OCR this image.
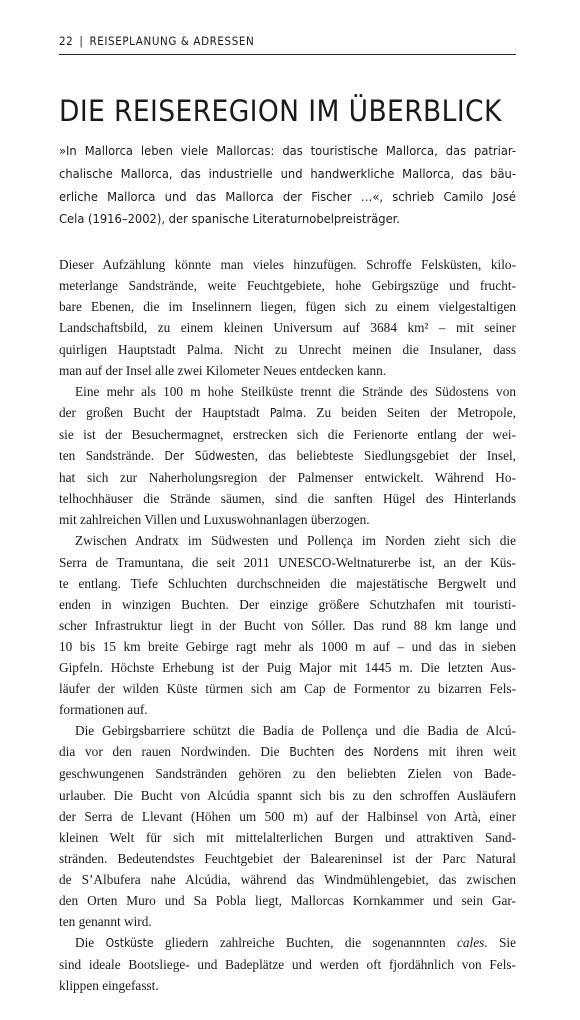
22 | REISEPLANUNG & ADRESSEN
DIE REISEREGION IM ÜBERBLICK
»In Mallorca leben viele Mallorcas: das touristische Mallorca, das patriar-
chalische Mallorca, das industrielle und handwerkliche Mallorca, das bäu-
erliche Mallorca und das Mallorca der Fischer …«, schrieb Camilo José
Cela (1916–2002), der spanische Literaturnobelpreisträger.
Dieser Aufzählung könnte man vieles hinzufügen. Schroffe Felsküsten, kilo-
meterlange Sandstrände, weite Feuchtgebiete, hohe Gebirgszüge und frucht-
bare Ebenen, die im Inselinnern liegen, fügen sich zu einem vielgestaltigen
Landschaftsbild, zu einem kleinen Universum auf 3684 km² – mit seiner
quirligen Hauptstadt Palma. Nicht zu Unrecht meinen die Insulaner, dass
man auf der Insel alle zwei Kilometer Neues entdecken kann.
Eine mehr als 100 m hohe Steilküste trennt die Strände des Südostens von
der großen Bucht der Hauptstadt Palma. Zu beiden Seiten der Metropole,
sie ist der Besuchermagnet, erstrecken sich die Ferienorte entlang der wei-
ten Sandstrände. Der Südwesten, das beliebteste Siedlungsgebiet der Insel,
hat sich zur Naherholungsregion der Palmenser entwickelt. Während Ho-
telhochhäuser die Strände säumen, sind die sanften Hügel des Hinterlands
mit zahlreichen Villen und Luxuswohnanlagen überzogen.
Zwischen Andratx im Südwesten und Pollença im Norden zieht sich die
Serra de Tramuntana, die seit 2011 UNESCO-Weltnaturerbe ist, an der Küs-
te entlang. Tiefe Schluchten durchschneiden die majestätische Bergwelt und
enden in winzigen Buchten. Der einzige größere Schutzhafen mit touristi-
scher Infrastruktur liegt in der Bucht von Sóller. Das rund 88 km lange und
10 bis 15 km breite Gebirge ragt mehr als 1000 m auf – und das in sieben
Gipfeln. Höchste Erhebung ist der Puig Major mit 1445 m. Die letzten Aus-
läufer der wilden Küste türmen sich am Cap de Formentor zu bizarren Fels-
formationen auf.
Die Gebirgsbarriere schützt die Badia de Pollença und die Badia de Alcú-
dia vor den rauen Nordwinden. Die Buchten des Nordens mit ihren weit
geschwungenen Sandstränden gehören zu den beliebten Zielen von Bade-
urlauber. Die Bucht von Alcúdia spannt sich bis zu den schroffen Ausläufern
der Serra de Llevant (Höhen um 500 m) auf der Halbinsel von Artà, einer
kleinen Welt für sich mit mittelalterlichen Burgen und attraktiven Sand-
stränden. Bedeutendstes Feuchtgebiet der Baleareninsel ist der Parc Natural
de S’Albufera nahe Alcúdia, während das Windmühlengebiet, das zwischen
den Orten Muro und Sa Pobla liegt, Mallorcas Kornkammer und sein Gar-
ten genannt wird.
Die Ostküste gliedern zahlreiche Buchten, die sogenannnten cales. Sie
sind ideale Bootsliege- und Badeplätze und werden oft fjordähnlich von Fels-
klippen eingefasst.
